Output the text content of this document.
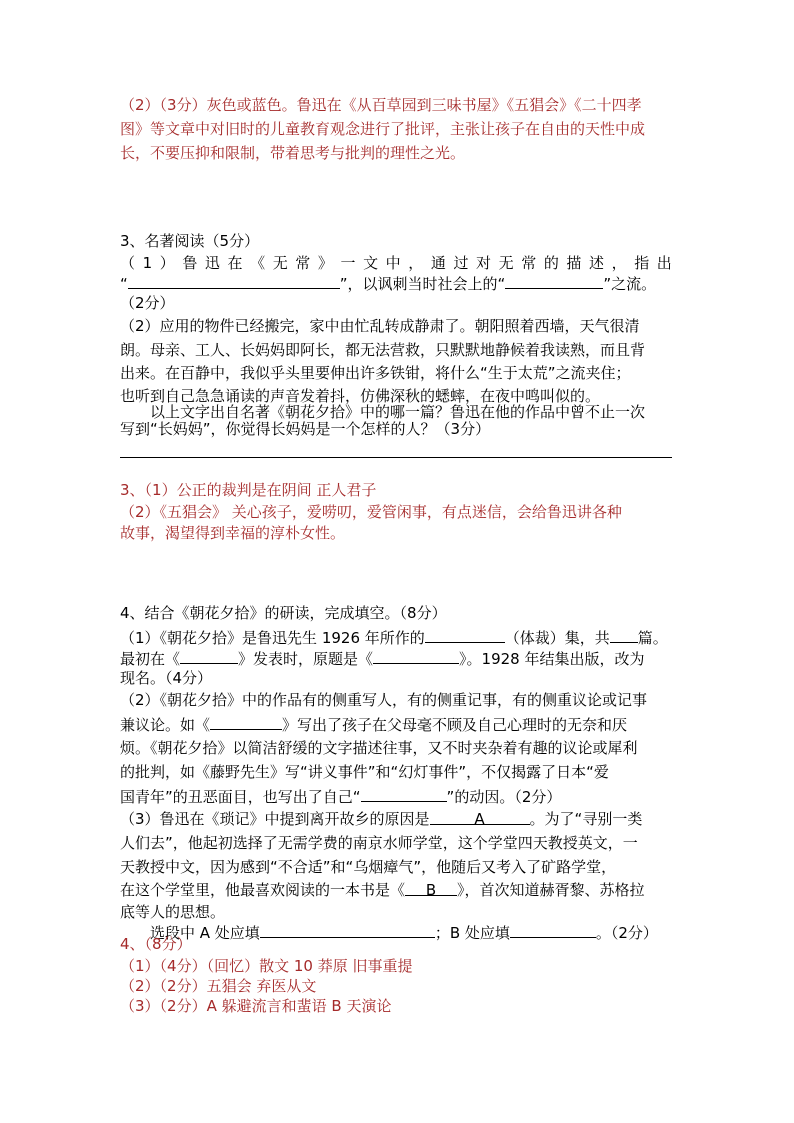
（2）（3分）灰色或蓝色。鲁迅在《从百草园到三味书屋》《五猖会》《二十四孝
图》等文章中对旧时的儿童教育观念进行了批评，主张让孩子在自由的天性中成
长，不要压抑和限制，带着思考与批判的理性之光。
3、名著阅读（5分）
（ 1 ） 鲁 迅 在 《 无 常 》 一 文 中 ， 通 过 对 无 常 的 描 述 ， 指 出
“	”，以讽刺当时社会上的“	”之流。
（2分）
（2）应用的物件已经搬完，家中由忙乱转成静肃了。朝阳照着西墙，天气很清
朗。母亲、工人、长妈妈即阿长，都无法营救，只默默地静候着我读熟，而且背
出来。在百静中，我似乎头里要伸出许多铁钳，将什么“生于太荒”之流夹住；
也听到自己急急诵读的声音发着抖，仿佛深秋的蟋蟀，在夜中鸣叫似的。
以上文字出自名著《朝花夕拾》中的哪一篇？鲁迅在他的作品中曾不止一次
写到“长妈妈”，你觉得长妈妈是一个怎样的人？（3分）
3、（1）公正的裁判是在阴间 正人君子
（2）《五猖会》 关心孩子，爱唠叨，爱管闲事，有点迷信，会给鲁迅讲各种
故事，渴望得到幸福的淳朴女性。
4、结合《朝花夕拾》的研读，完成填空。（8分）
（1）《朝花夕拾》是鲁迅先生 1926 年所作的	（体裁）集，共 篇。
最初在《	》发表时，原题是《	》。1928 年结集出版，改为
现名。（4分）
（2）《朝花夕拾》中的作品有的侧重写人，有的侧重记事，有的侧重议论或记事
兼议论。如《	》写出了孩子在父母毫不顾及自己心理时的无奈和厌
烦。《朝花夕拾》以简洁舒缓的文字描述往事，又不时夹杂着有趣的议论或犀利
的批判，如《藤野先生》写“讲义事件”和“幻灯事件”，不仅揭露了日本“爱
国青年”的丑恶面目，也写出了自己“	”的动因。（2分）
（3）鲁迅在《琐记》中提到离开故乡的原因是	A	。为了“寻别一类
人们去”，他起初选择了无需学费的南京水师学堂，这个学堂四天教授英文，一
天教授中文，因为感到“不合适”和“乌烟瘴气”，他随后又考入了矿路学堂，
在这个学堂里，他最喜欢阅读的一本书是《 B 》，首次知道赫胥黎、苏格拉
底等人的思想。
选段中 A 处应填	；B 处应填	。（2分）
4、（8分）
（1）（4分）（回忆）散文 10 莽原 旧事重提
（2）（2分）五猖会 弃医从文
（3）（2分）A 躲避流言和蜚语 B 天演论
